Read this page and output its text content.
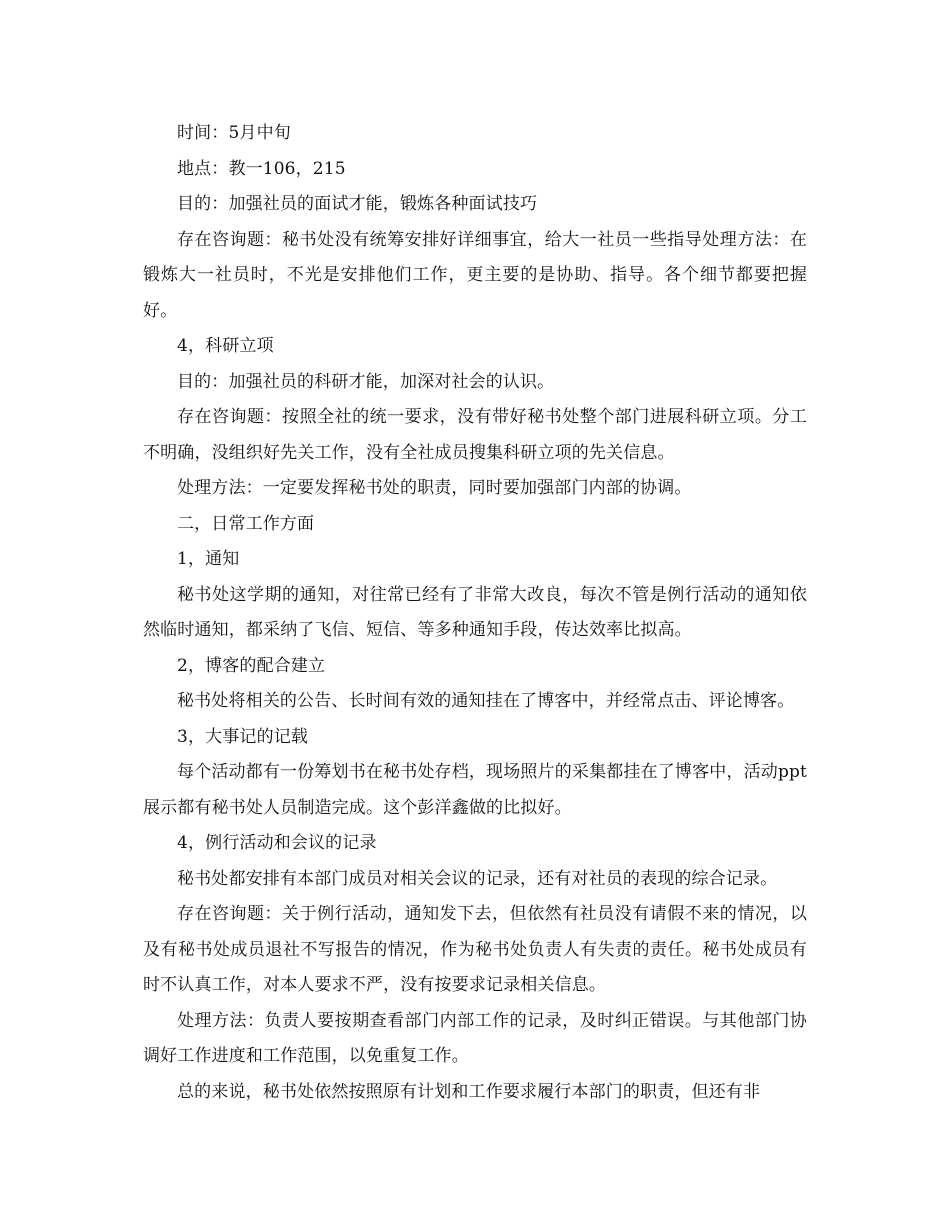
时间：5月中旬

地点：教一106，215

目的：加强社员的面试才能，锻炼各种面试技巧

存在咨询题：秘书处没有统筹安排好详细事宜，给大一社员一些指导处理方法：在锻炼大一社员时，不光是安排他们工作，更主要的是协助、指导。各个细节都要把握好。

4，科研立项

目的：加强社员的科研才能，加深对社会的认识。

存在咨询题：按照全社的统一要求，没有带好秘书处整个部门进展科研立项。分工不明确，没组织好先关工作，没有全社成员搜集科研立项的先关信息。

处理方法：一定要发挥秘书处的职责，同时要加强部门内部的协调。

二，日常工作方面

1，通知

秘书处这学期的通知，对往常已经有了非常大改良，每次不管是例行活动的通知依然临时通知，都采纳了飞信、短信、等多种通知手段，传达效率比拟高。

2，博客的配合建立

秘书处将相关的公告、长时间有效的通知挂在了博客中，并经常点击、评论博客。

3，大事记的记载

每个活动都有一份筹划书在秘书处存档，现场照片的采集都挂在了博客中，活动ppt展示都有秘书处人员制造完成。这个彭洋鑫做的比拟好。

4，例行活动和会议的记录

秘书处都安排有本部门成员对相关会议的记录，还有对社员的表现的综合记录。

存在咨询题：关于例行活动，通知发下去，但依然有社员没有请假不来的情况，以及有秘书处成员退社不写报告的情况，作为秘书处负责人有失责的责任。秘书处成员有时不认真工作，对本人要求不严，没有按要求记录相关信息。

处理方法：负责人要按期查看部门内部工作的记录，及时纠正错误。与其他部门协调好工作进度和工作范围，以免重复工作。

总的来说，秘书处依然按照原有计划和工作要求履行本部门的职责，但还有非
